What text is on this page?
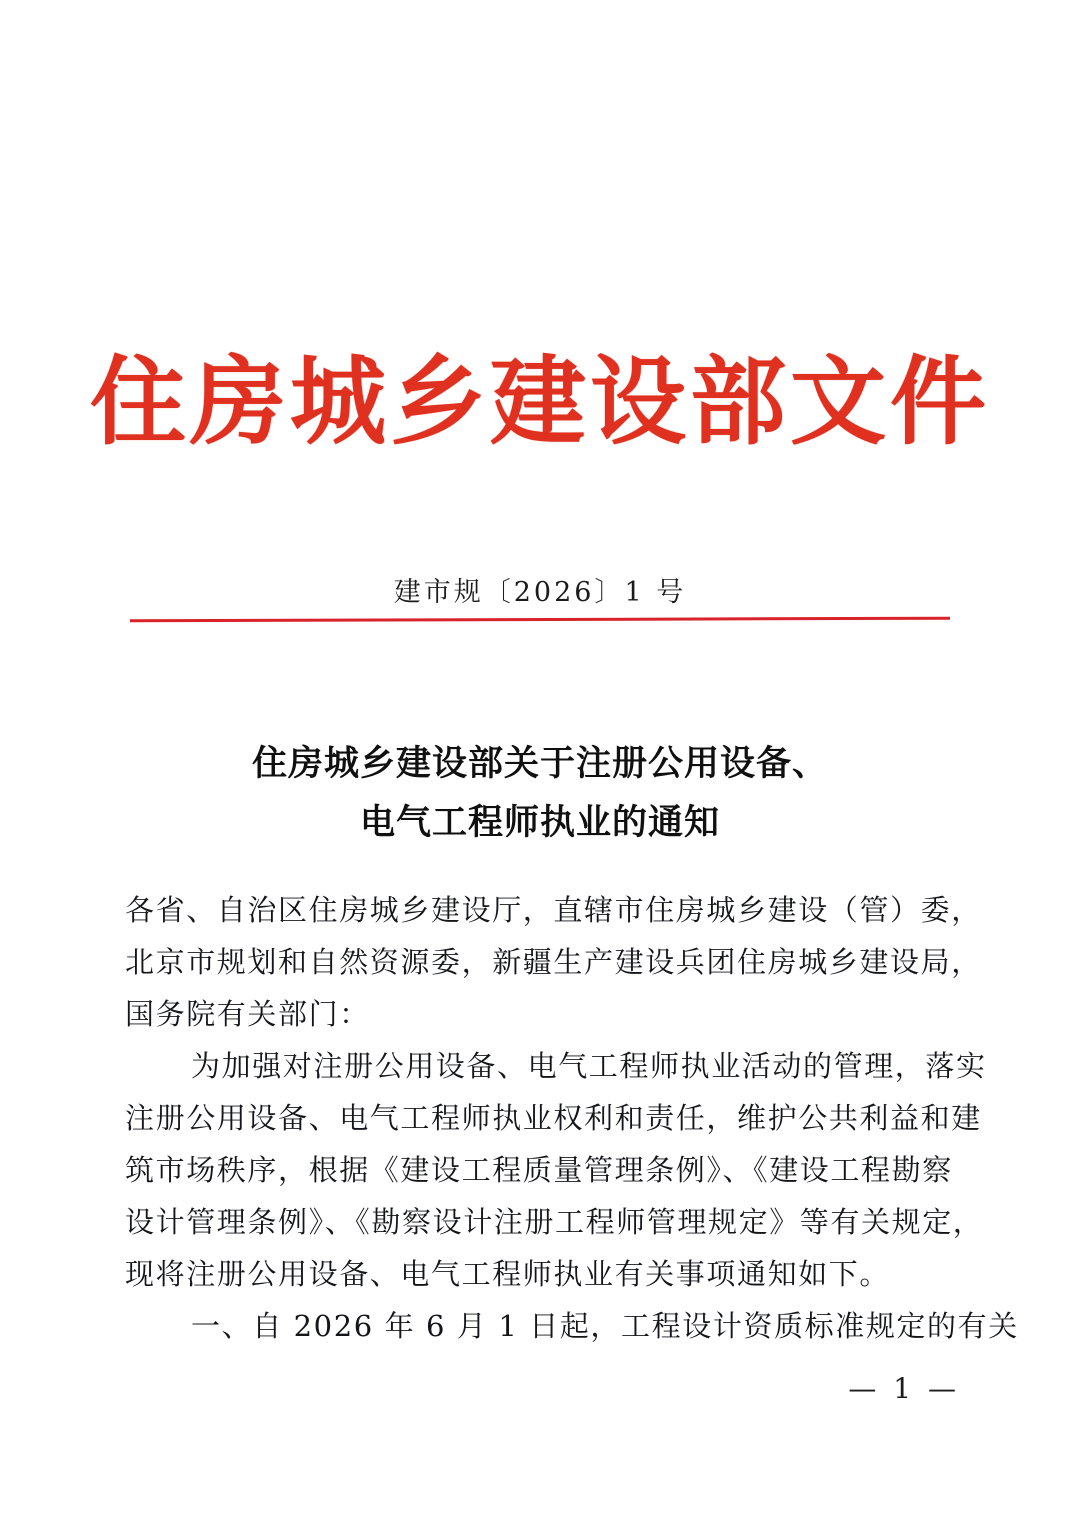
住房城乡建设部文件
建市规〔2026〕1 号
住房城乡建设部关于注册公用设备、
电气工程师执业的通知
各省、自治区住房城乡建设厅，直辖市住房城乡建设（管）委，
北京市规划和自然资源委，新疆生产建设兵团住房城乡建设局，
国务院有关部门：
为加强对注册公用设备、电气工程师执业活动的管理，落实
注册公用设备、电气工程师执业权利和责任，维护公共利益和建
筑市场秩序，根据《建设工程质量管理条例》、《建设工程勘察
设计管理条例》、《勘察设计注册工程师管理规定》等有关规定，
现将注册公用设备、电气工程师执业有关事项通知如下。
一、自 2026 年 6 月 1 日起，工程设计资质标准规定的有关
— 1 —
